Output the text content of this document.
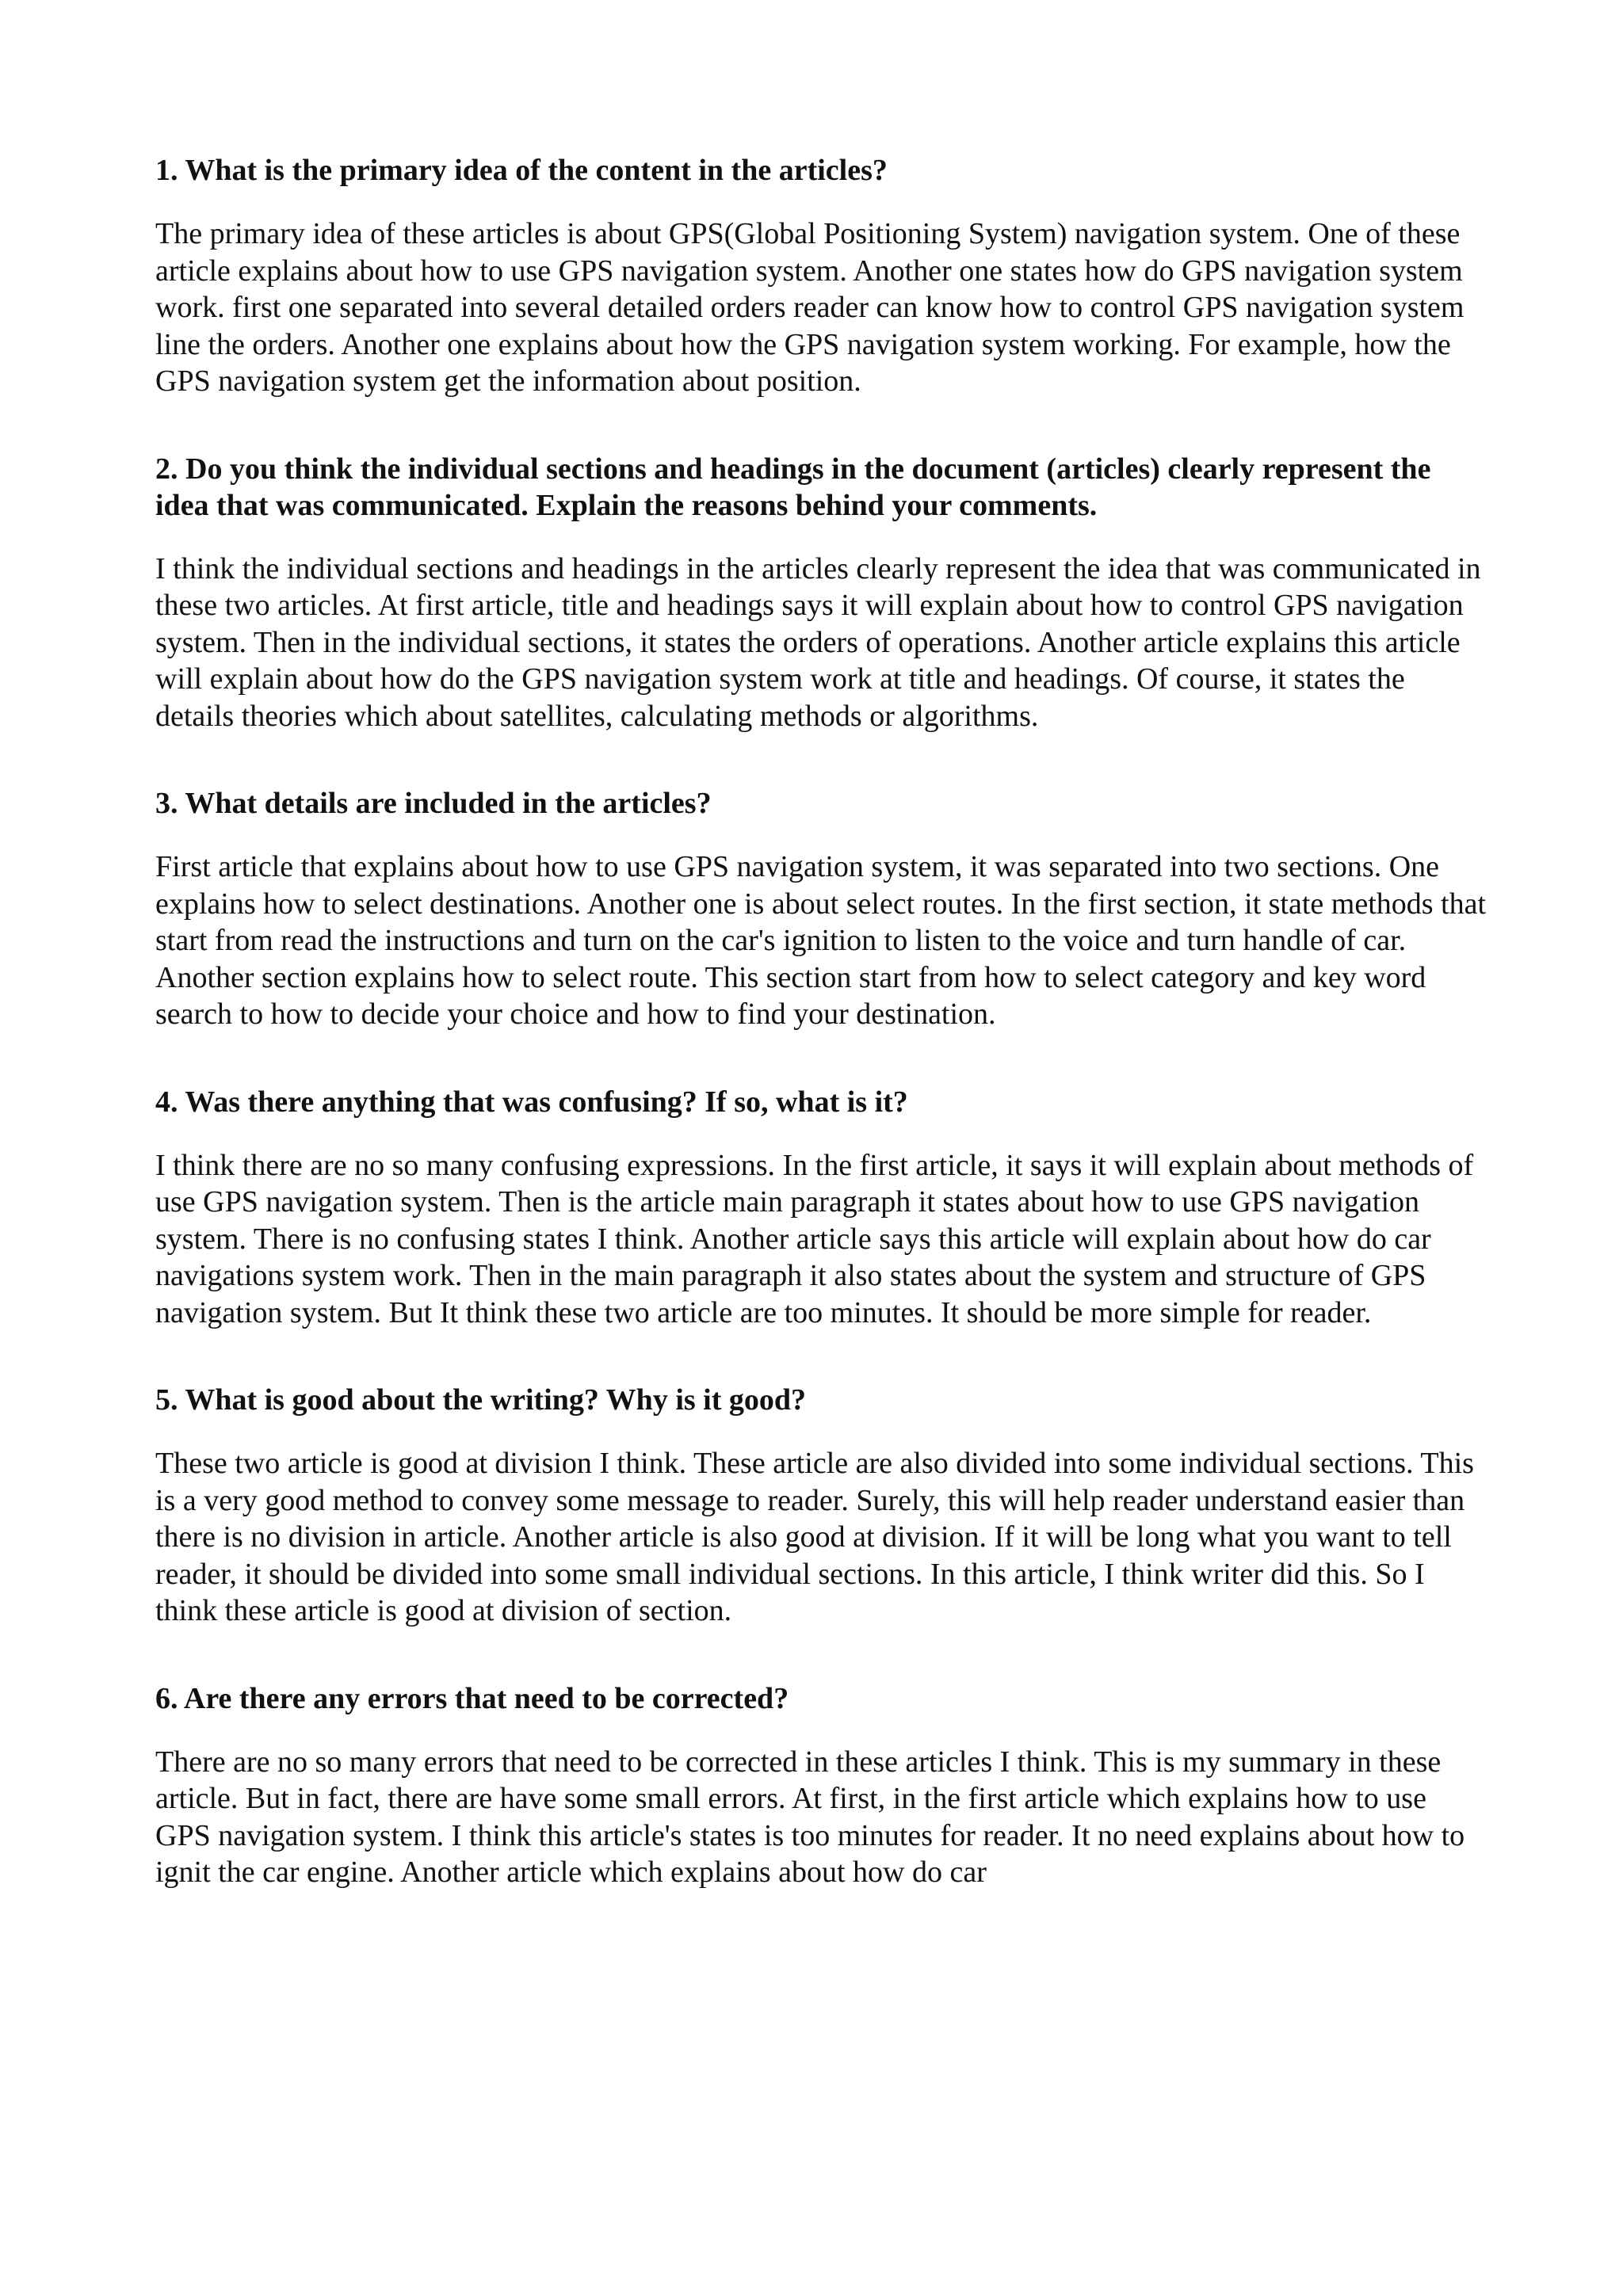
1. What is the primary idea of the content in the articles?

The primary idea of these articles is about GPS(Global Positioning System) navigation system. One of these article explains about how to use GPS navigation system. Another one states how do GPS navigation system work. first one separated into several detailed orders reader can know how to control GPS navigation system line the orders. Another one explains about how the GPS navigation system working. For example, how the GPS navigation system get the information about position.

2. Do you think the individual sections and headings in the document (articles) clearly represent the idea that was communicated. Explain the reasons behind your comments.

I think the individual sections and headings in the articles clearly represent the idea that was communicated in these two articles. At first article, title and headings says it will explain about how to control GPS navigation system. Then in the individual sections, it states the orders of operations. Another article explains this article will explain about how do the GPS navigation system work at title and headings. Of course, it states the details theories which about satellites, calculating methods or algorithms.

3. What details are included in the articles?

First article that explains about how to use GPS navigation system, it was separated into two sections. One explains how to select destinations. Another one is about select routes. In the first section, it state methods that start from read the instructions and turn on the car's ignition to listen to the voice and turn handle of car. Another section explains how to select route. This section start from how to select category and key word search to how to decide your choice and how to find your destination.

4. Was there anything that was confusing? If so, what is it?

I think there are no so many confusing expressions. In the first article, it says it will explain about methods of use GPS navigation system. Then is the article main paragraph it states about how to use GPS navigation system. There is no confusing states I think. Another article says this article will explain about how do car navigations system work. Then in the main paragraph it also states about the system and structure of GPS navigation system. But It think these two article are too minutes. It should be more simple for reader.

5. What is good about the writing? Why is it good?

These two article is good at division I think. These article are also divided into some individual sections. This is a very good method to convey some message to reader. Surely, this will help reader understand easier than there is no division in article. Another article is also good at division. If it will be long what you want to tell reader, it should be divided into some small individual sections. In this article, I think writer did this. So I think these article is good at division of section.

6. Are there any errors that need to be corrected?

There are no so many errors that need to be corrected in these articles I think. This is my summary in these article. But in fact, there are have some small errors. At first, in the first article which explains how to use GPS navigation system. I think this article's states is too minutes for reader. It no need explains about how to ignit the car engine. Another article which explains about how do car
